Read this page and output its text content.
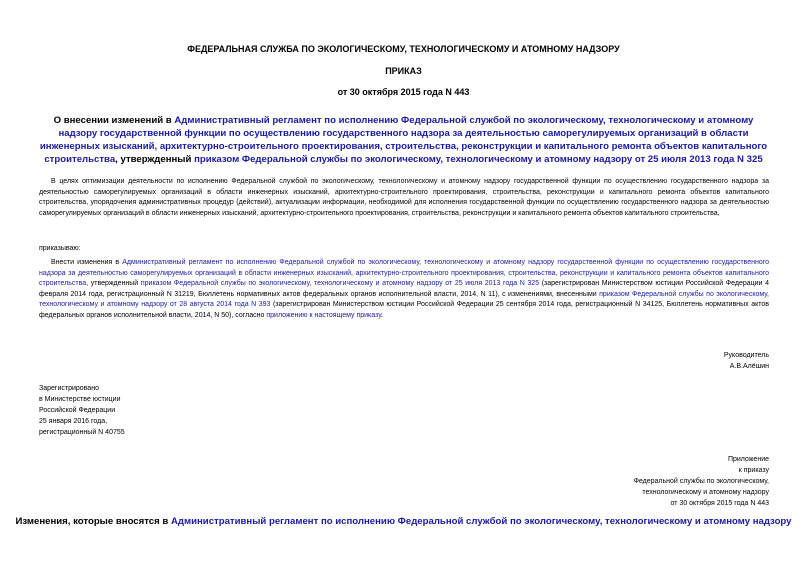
ФЕДЕРАЛЬНАЯ СЛУЖБА ПО ЭКОЛОГИЧЕСКОМУ, ТЕХНОЛОГИЧЕСКОМУ И АТОМНОМУ НАДЗОРУ
ПРИКАЗ
от 30 октября 2015 года N 443
О внесении изменений в Административный регламент по исполнению Федеральной службой по экологическому, технологическому и атомному надзору государственной функции по осуществлению государственного надзора за деятельностью саморегулируемых организаций в области инженерных изысканий, архитектурно-строительного проектирования, строительства, реконструкции и капитального ремонта объектов капитального строительства, утвержденный приказом Федеральной службы по экологическому, технологическому и атомному надзору от 25 июля 2013 года N 325
В целях оптимизации деятельности по исполнению Федеральной службой по экологическому, технологическому и атомному надзору государственной функции по осуществлению государственного надзора за деятельностью саморегулируемых организаций в области инженерных изысканий, архитектурно-строительного проектирования, строительства, реконструкции и капитального ремонта объектов капитального строительства, упорядочения административных процедур (действий), актуализации информации, необходимой для исполнения государственной функции по осуществлению государственного надзора за деятельностью саморегулируемых организаций в области инженерных изысканий, архитектурно-строительного проектирования, строительства, реконструкции и капитального ремонта объектов капитального строительства,
приказываю:
Внести изменения в Административный регламент по исполнению Федеральной службой по экологическому, технологическому и атомному надзору государственной функции по осуществлению государственного надзора за деятельностью саморегулируемых организаций в области инженерных изысканий, архитектурно-строительного проектирования, строительства, реконструкции и капитального ремонта объектов капитального строительства, утвержденный приказом Федеральной службы по экологическому, технологическому и атомному надзору от 25 июля 2013 года N 325 (зарегистрирован Министерством юстиции Российской Федерации 4 февраля 2014 года, регистрационный N 31219, Бюллетень нормативных актов федеральных органов исполнительной власти, 2014, N 11), с изменениями, внесенными приказом Федеральной службы по экологическому, технологическому и атомному надзору от 28 августа 2014 года N 393 (зарегистрирован Министерством юстиции Российской Федерации 25 сентября 2014 года, регистрационный N 34125, Бюллетень нормативных актов федеральных органов исполнительной власти, 2014, N 50), согласно приложению к настоящему приказу.
Руководитель
А.В.Алёшин
Зарегистрировано
в Министерстве юстиции
Российской Федерации
25 января 2016 года,
регистрационный N 40755
Приложение
к приказу
Федеральной службы по экологическому,
технологическому и атомному надзору
от 30 октября 2015 года N 443
Изменения, которые вносятся в Административный регламент по исполнению Федеральной службой по экологическому, технологическому и атомному надзору
